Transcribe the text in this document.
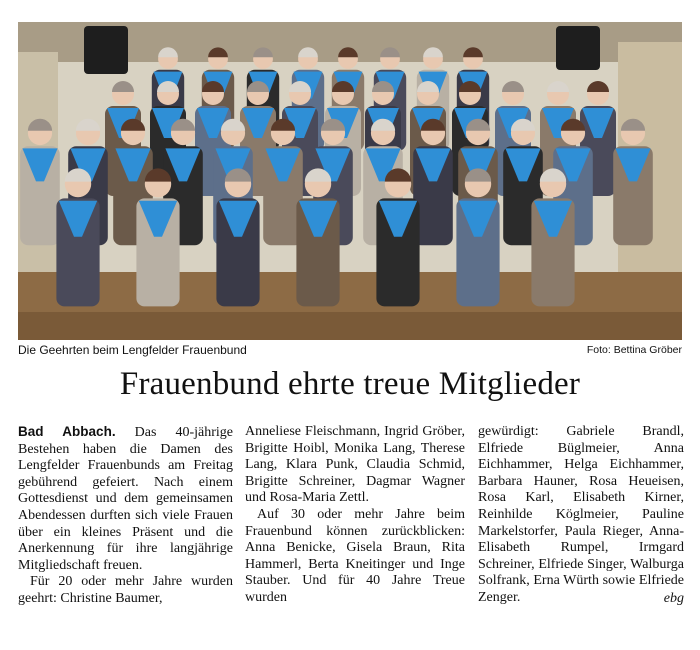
Die Geehrten beim Lengfelder Frauenbund	Foto: Bettina Gröber
Frauenbund ehrte treue Mitglieder

Bad Abbach. Das 40-jährige Bestehen haben die Damen des Lengfelder Frauenbunds am Freitag gebührend gefeiert. Nach einem Gottesdienst und dem gemeinsamen Abendessen durften sich viele Frauen über ein kleines Präsent und die Anerkennung für ihre langjährige Mitgliedschaft freuen.

Für 20 oder mehr Jahre wurden geehrt: Christine Baumer,

Anneliese Fleischmann, Ingrid Gröber, Brigitte Hoibl, Monika Lang, Therese Lang, Klara Punk, Claudia Schmid, Brigitte Schreiner, Dagmar Wagner und Rosa-Maria Zettl.

Auf 30 oder mehr Jahre beim Frauenbund können zurückblicken: Anna Benicke, Gisela Braun, Rita Hammerl, Berta Kneitinger und Inge Stauber. Und für 40 Jahre Treue wurden

gewürdigt: Gabriele Brandl, Elfriede Büglmeier, Anna Eichhammer, Helga Eichhammer, Barbara Hauner, Rosa Heueisen, Rosa Karl, Elisabeth Kirner, Reinhilde Köglmeier, Pauline Markelstorfer, Paula Rieger, Anna-Elisabeth Rumpel, Irmgard Schreiner, Elfriede Singer, Walburga Solfrank, Erna Würth sowie Elfriede Zenger.	ebg
